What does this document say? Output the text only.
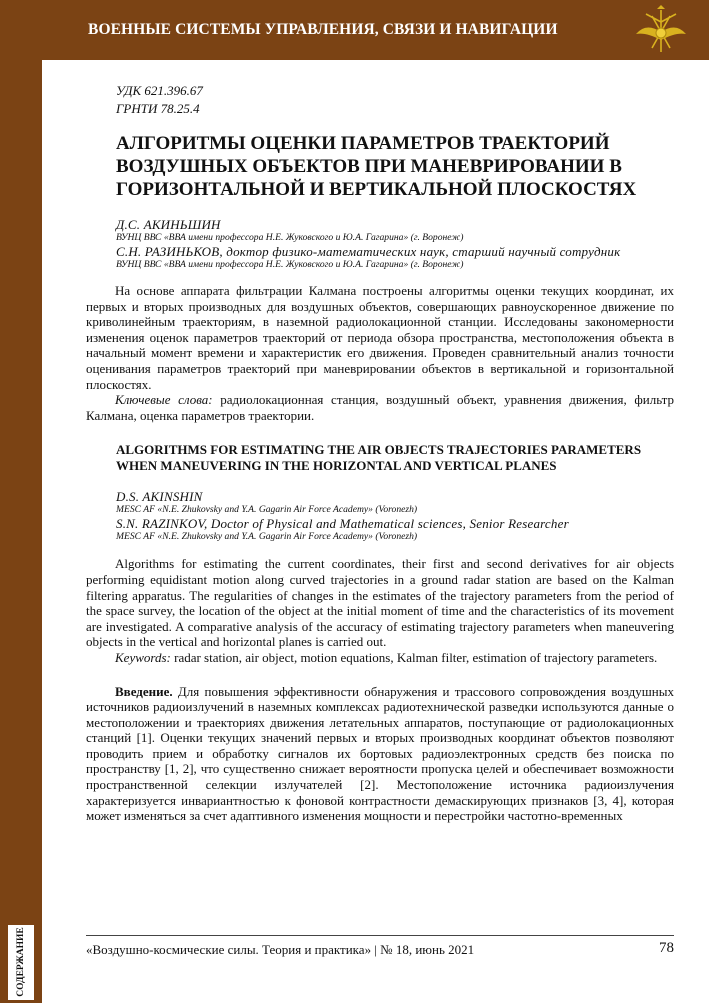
ВОЕННЫЕ СИСТЕМЫ УПРАВЛЕНИЯ, СВЯЗИ И НАВИГАЦИИ
СОДЕРЖАНИЕ
УДК 621.396.67
ГРНТИ 78.25.4
АЛГОРИТМЫ ОЦЕНКИ ПАРАМЕТРОВ ТРАЕКТОРИЙ ВОЗДУШНЫХ ОБЪЕКТОВ ПРИ МАНЕВРИРОВАНИИ В ГОРИЗОНТАЛЬНОЙ И ВЕРТИКАЛЬНОЙ ПЛОСКОСТЯХ
Д.С. АКИНЬШИН
ВУНЦ ВВС «ВВА имени профессора Н.Е. Жуковского и Ю.А. Гагарина» (г. Воронеж)
С.Н. РАЗИНЬКОВ, доктор физико-математических наук, старший научный сотрудник
ВУНЦ ВВС «ВВА имени профессора Н.Е. Жуковского и Ю.А. Гагарина» (г. Воронеж)
На основе аппарата фильтрации Калмана построены алгоритмы оценки текущих координат, их первых и вторых производных для воздушных объектов, совершающих равноускоренное движение по криволинейным траекториям, в наземной радиолокационной станции. Исследованы закономерности изменения оценок параметров траекторий от периода обзора пространства, местоположения объекта в начальный момент времени и характеристик его движения. Проведен сравнительный анализ точности оценивания параметров траекторий при маневрировании объектов в вертикальной и горизонтальной плоскостях.
Ключевые слова: радиолокационная станция, воздушный объект, уравнения движения, фильтр Калмана, оценка параметров траектории.
ALGORITHMS FOR ESTIMATING THE AIR OBJECTS TRAJECTORIES PARAMETERS WHEN MANEUVERING IN THE HORIZONTAL AND VERTICAL PLANES
D.S. AKINSHIN
MESC AF «N.E. Zhukovsky and Y.A. Gagarin Air Force Academy» (Voronezh)
S.N. RAZINKOV, Doctor of Physical and Mathematical sciences, Senior Researcher
MESC AF «N.E. Zhukovsky and Y.A. Gagarin Air Force Academy» (Voronezh)
Algorithms for estimating the current coordinates, their first and second derivatives for air objects performing equidistant motion along curved trajectories in a ground radar station are based on the Kalman filtering apparatus. The regularities of changes in the estimates of the trajectory parameters from the period of the space survey, the location of the object at the initial moment of time and the characteristics of its movement are investigated. A comparative analysis of the accuracy of estimating trajectory parameters when maneuvering objects in the vertical and horizontal planes is carried out.
Keywords: radar station, air object, motion equations, Kalman filter, estimation of trajectory parameters.
Введение. Для повышения эффективности обнаружения и трассового сопровождения воздушных источников радиоизлучений в наземных комплексах радиотехнической разведки используются данные о местоположении и траекториях движения летательных аппаратов, поступающие от радиолокационных станций [1]. Оценки текущих значений первых и вторых производных координат объектов позволяют проводить прием и обработку сигналов их бортовых радиоэлектронных средств без поиска по пространству [1, 2], что существенно снижает вероятности пропуска целей и обеспечивает возможности пространственной селекции излучателей [2]. Местоположение источника радиоизлучения характеризуется инвариантностью к фоновой контрастности демаскирующих признаков [3, 4], которая может изменяться за счет адаптивного изменения мощности и перестройки частотно-временных
«Воздушно-космические силы. Теория и практика» | № 18, июнь 2021	78
